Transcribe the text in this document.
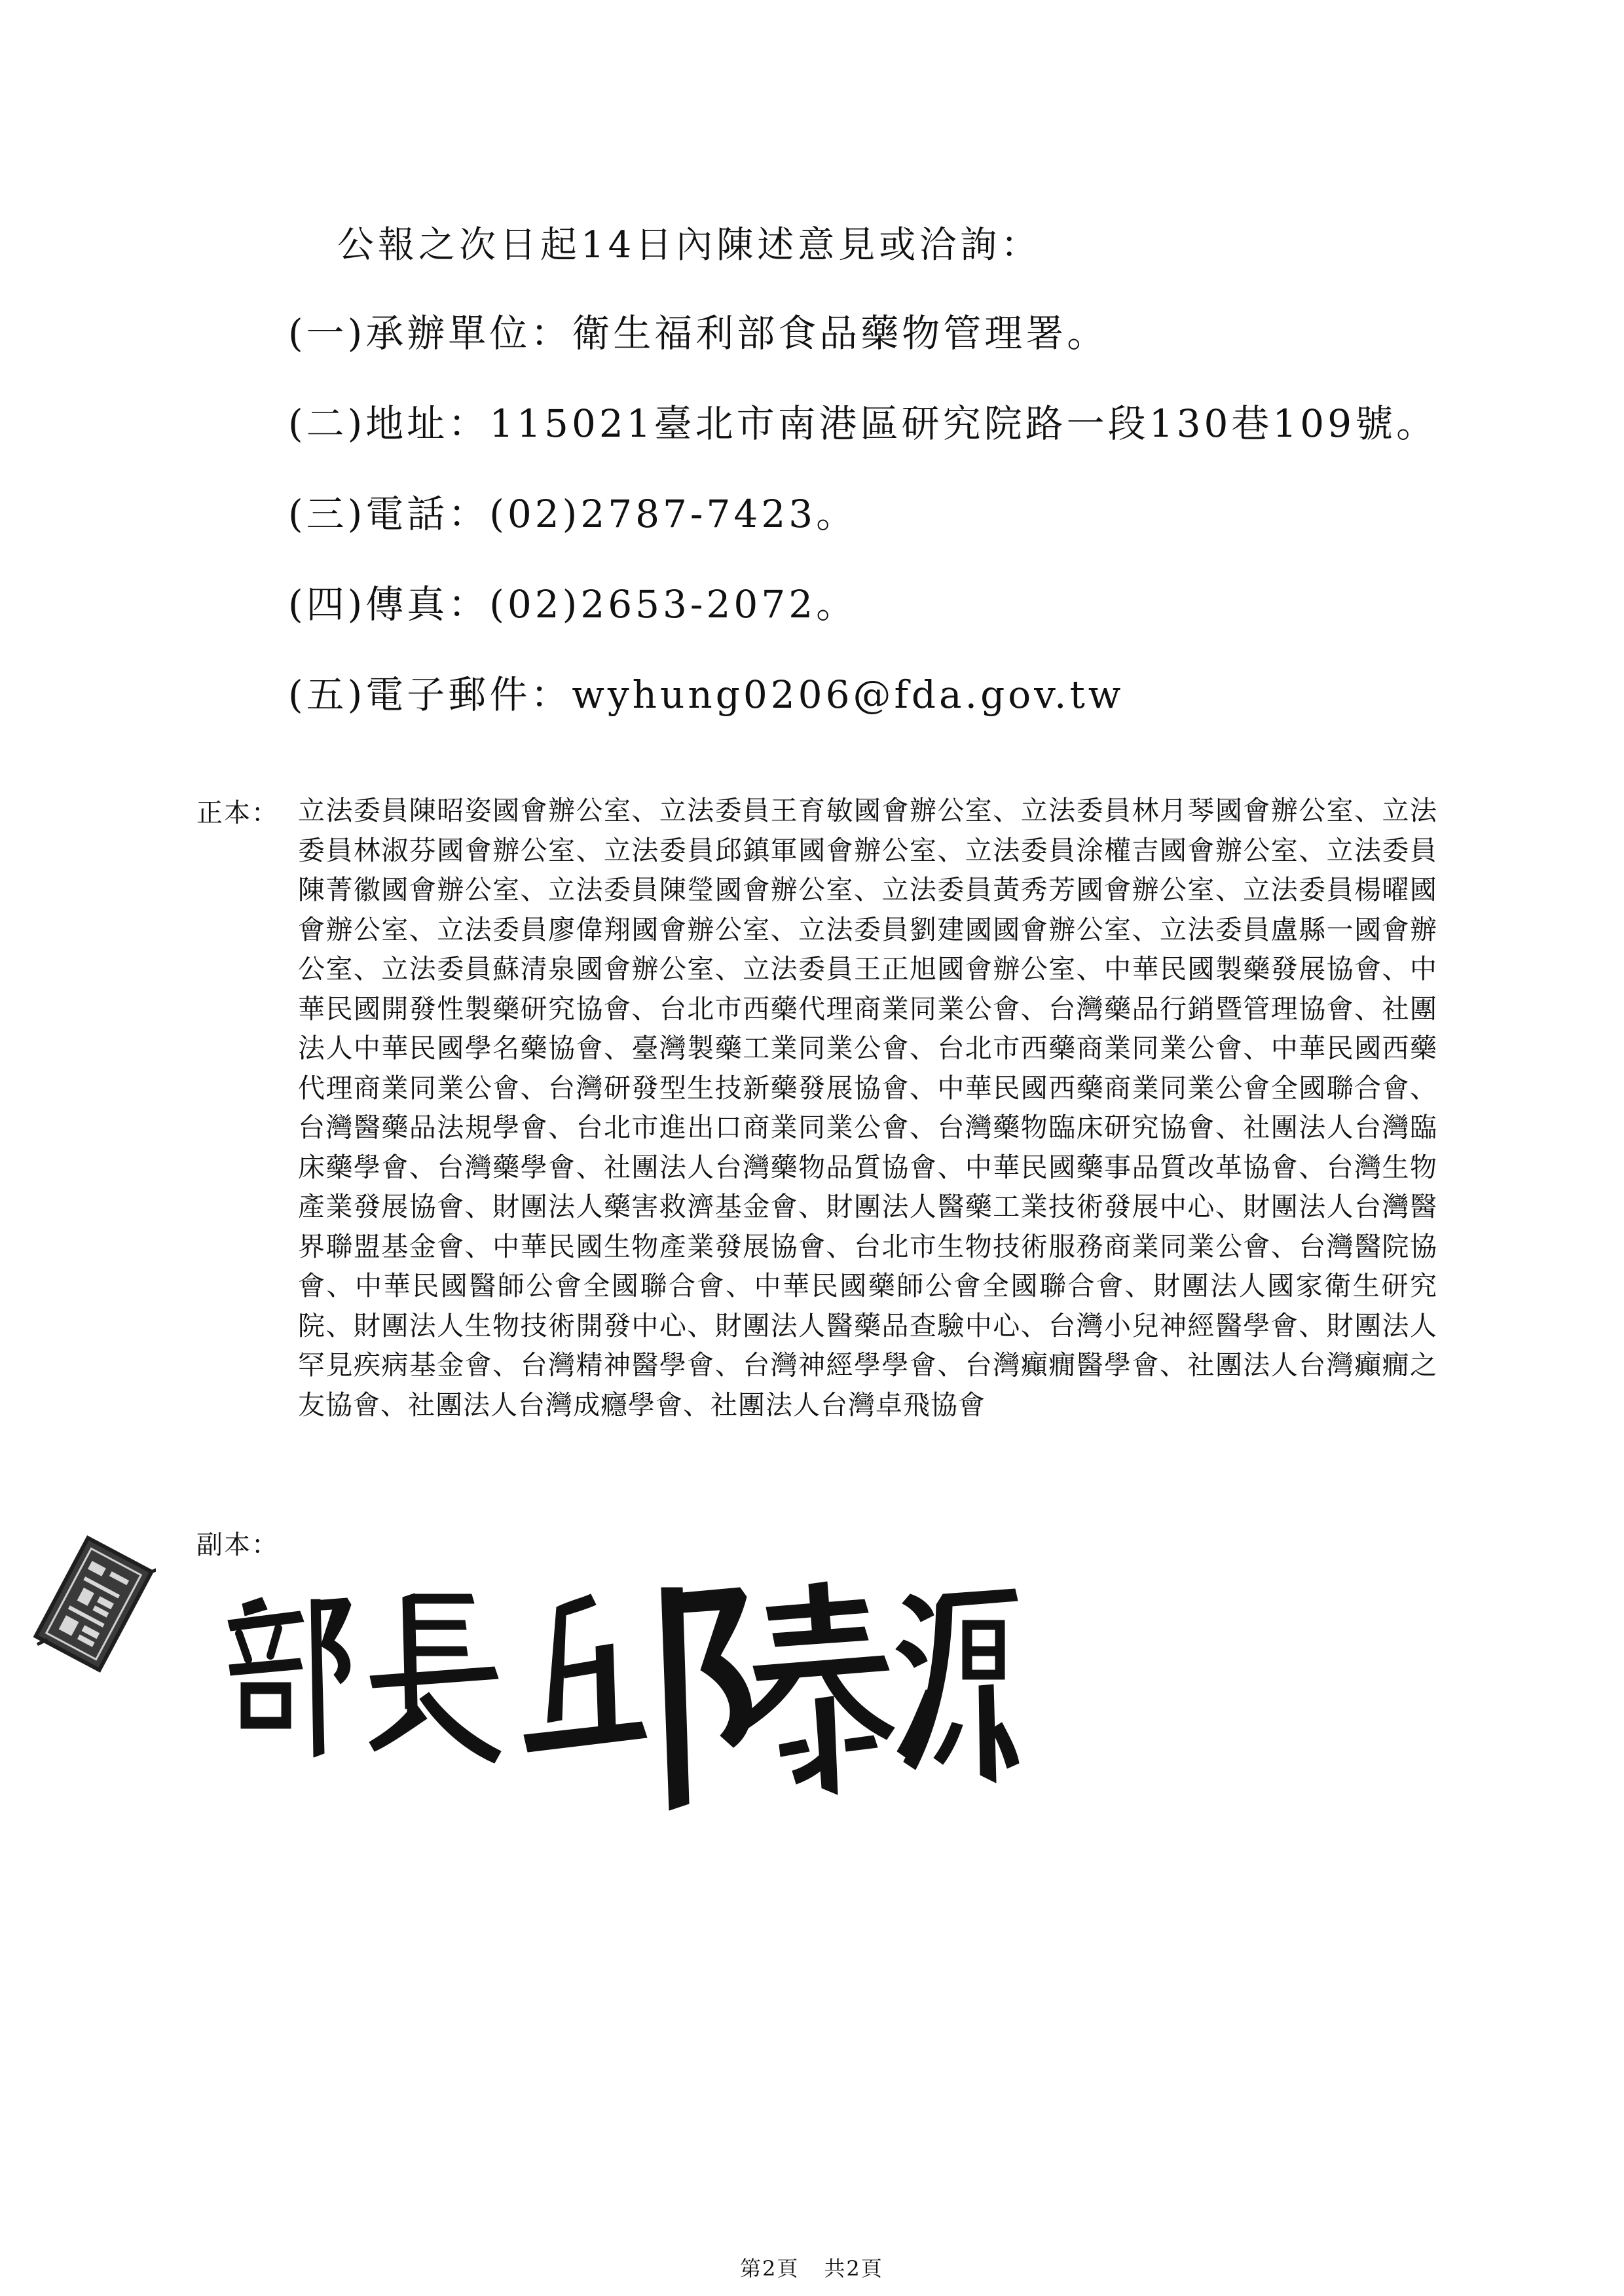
公報之次日起14日內陳述意見或洽詢：
(一)承辦單位：衛生福利部食品藥物管理署。
(二)地址：115021臺北市南港區研究院路一段130巷109號。
(三)電話：(02)2787-7423。
(四)傳真：(02)2653-2072。
(五)電子郵件：wyhung0206@fda.gov.tw
正本： 立法委員陳昭姿國會辦公室、立法委員王育敏國會辦公室、立法委員林月琴國會辦公室、立法委員林淑芬國會辦公室、立法委員邱鎮軍國會辦公室、立法委員涂權吉國會辦公室、立法委員陳菁徽國會辦公室、立法委員陳瑩國會辦公室、立法委員黃秀芳國會辦公室、立法委員楊曜國會辦公室、立法委員廖偉翔國會辦公室、立法委員劉建國國會辦公室、立法委員盧縣一國會辦公室、立法委員蘇清泉國會辦公室、立法委員王正旭國會辦公室、中華民國製藥發展協會、中華民國開發性製藥研究協會、台北市西藥代理商業同業公會、台灣藥品行銷暨管理協會、社團法人中華民國學名藥協會、臺灣製藥工業同業公會、台北市西藥商業同業公會、中華民國西藥代理商業同業公會、台灣研發型生技新藥發展協會、中華民國西藥商業同業公會全國聯合會、台灣醫藥品法規學會、台北市進出口商業同業公會、台灣藥物臨床研究協會、社團法人台灣臨床藥學會、台灣藥學會、社團法人台灣藥物品質協會、中華民國藥事品質改革協會、台灣生物產業發展協會、財團法人藥害救濟基金會、財團法人醫藥工業技術發展中心、財團法人台灣醫界聯盟基金會、中華民國生物產業發展協會、台北市生物技術服務商業同業公會、台灣醫院協會、中華民國醫師公會全國聯合會、中華民國藥師公會全國聯合會、財團法人國家衛生研究院、財團法人生物技術開發中心、財團法人醫藥品查驗中心、台灣小兒神經醫學會、財團法人罕見疾病基金會、台灣精神醫學會、台灣神經學學會、台灣癲癇醫學會、社團法人台灣癲癇之友協會、社團法人台灣成癮學會、社團法人台灣卓飛協會
副本：
第2頁 共2頁
